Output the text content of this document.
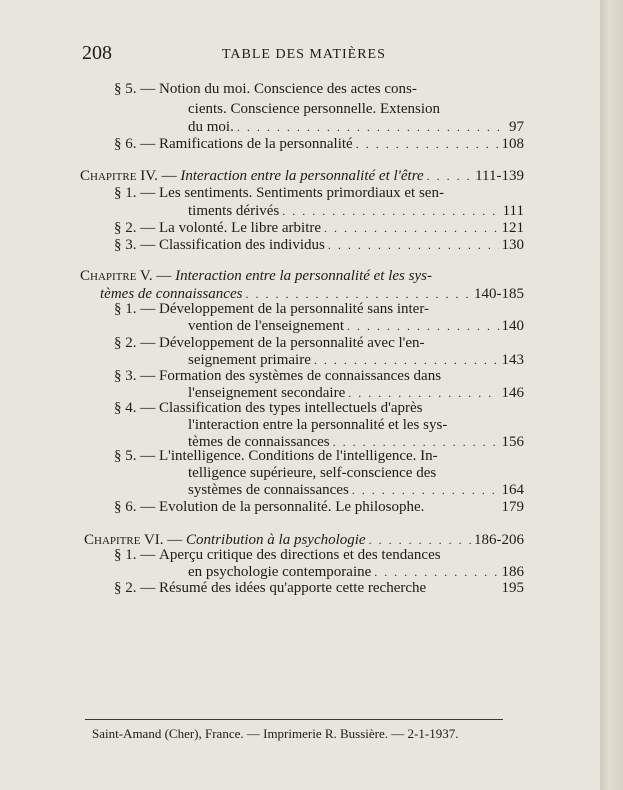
208	TABLE DES MATIÈRES
§ 5. —
Notion du moi. Conscience des actes cons-
cients. Conscience personnelle. Extension
du moi. . . .	97
§ 6. —
Ramifications de la personnalité . . .	108
Chapitre IV. —
Interaction entre la personnalité et l'être . . .	111-139
§ 1. —
Les sentiments. Sentiments primordiaux et sen-
timents dérivés . . .	111
§ 2. —
La volonté. Le libre arbitre . . .	121
§ 3. —
Classification des individus . . .	130
Chapitre V. —
Interaction entre la personnalité et les sys-
tèmes de connaissances . . .	140-185
§ 1. —
Développement de la personnalité sans inter-
vention de l'enseignement . . .	140
§ 2. —
Développement de la personnalité avec l'en-
seignement primaire . . .	143
§ 3. —
Formation des systèmes de connaissances dans
l'enseignement secondaire . . .	146
§ 4. —
Classification des types intellectuels d'après
l'interaction entre la personnalité et les sys-
tèmes de connaissances . . .	156
§ 5. —
L'intelligence. Conditions de l'intelligence. In-
telligence supérieure, self-conscience des
systèmes de connaissances . . .	164
§ 6. —
Evolution de la personnalité. Le philosophe.	179
Chapitre VI. —
Contribution à la psychologie . . .	186-206
§ 1. —
Aperçu critique des directions et des tendances
en psychologie contemporaine . . .	186
§ 2. —
Résumé des idées qu'apporte cette recherche	195
Saint-Amand (Cher), France. — Imprimerie R. Bussière. — 2-1-1937.
